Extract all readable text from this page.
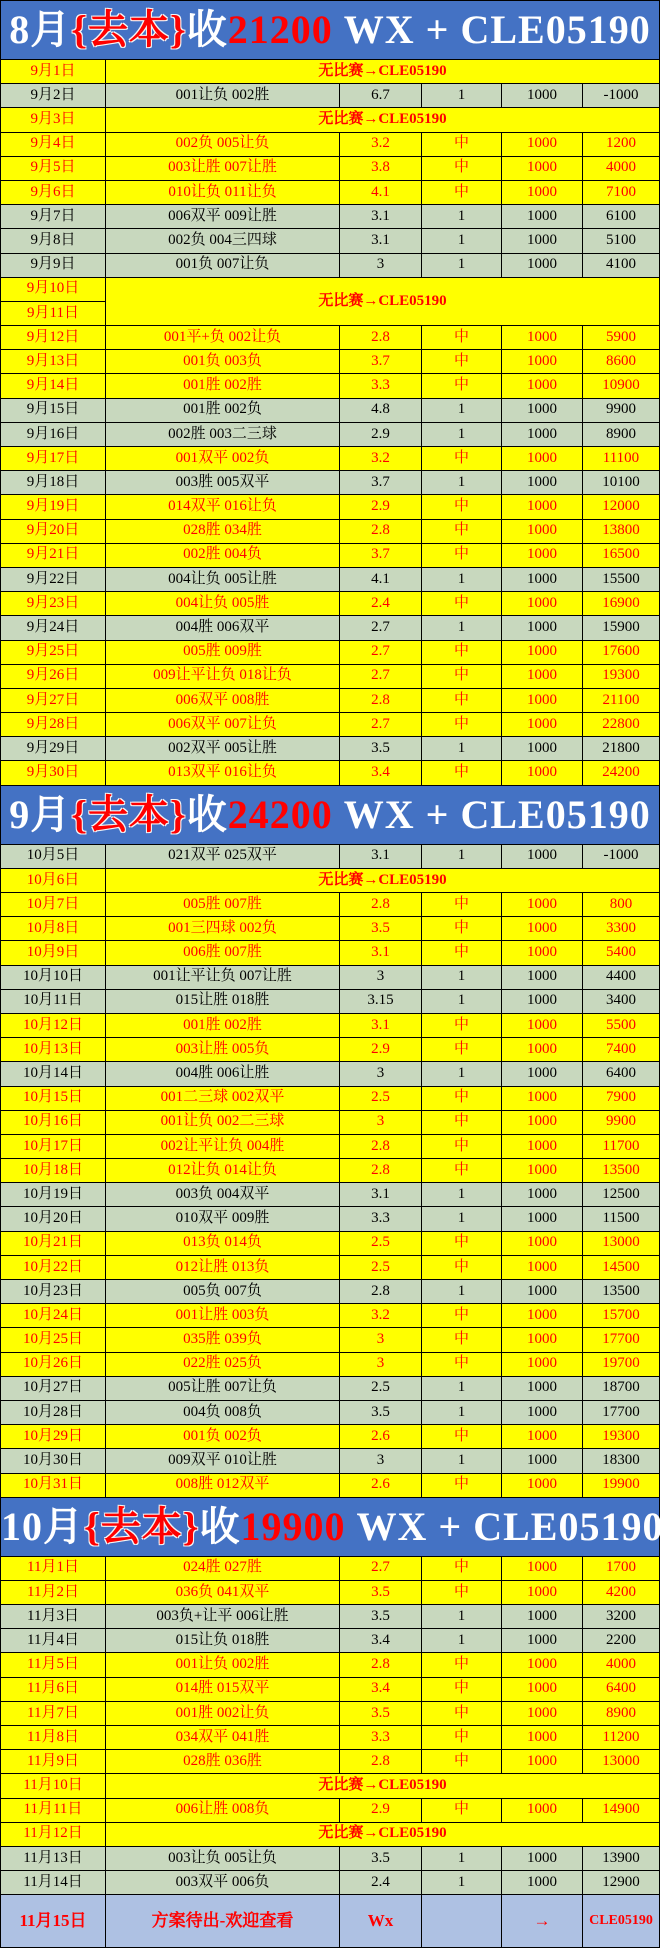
8月{去本}收21200 WX + CLE05190					
9月1日	无比赛→CLE05190				
9月2日	001让负 002胜	6.7	1	1000	-1000
9月3日	无比赛→CLE05190				
9月4日	002负 005让负	3.2	中	1000	1200
9月5日	003让胜 007让胜	3.8	中	1000	4000
9月6日	010让负 011让负	4.1	中	1000	7100
9月7日	006双平 009让胜	3.1	1	1000	6100
9月8日	002负 004三四球	3.1	1	1000	5100
9月9日	001负 007让负	3	1	1000	4100
9月10日	无比赛→CLE05190				
9月11日					
9月12日	001平+负 002让负	2.8	中	1000	5900
9月13日	001负 003负	3.7	中	1000	8600
9月14日	001胜 002胜	3.3	中	1000	10900
9月15日	001胜 002负	4.8	1	1000	9900
9月16日	002胜 003二三球	2.9	1	1000	8900
9月17日	001双平 002负	3.2	中	1000	11100
9月18日	003胜 005双平	3.7	1	1000	10100
9月19日	014双平 016让负	2.9	中	1000	12000
9月20日	028胜 034胜	2.8	中	1000	13800
9月21日	002胜 004负	3.7	中	1000	16500
9月22日	004让负 005让胜	4.1	1	1000	15500
9月23日	004让负 005胜	2.4	中	1000	16900
9月24日	004胜 006双平	2.7	1	1000	15900
9月25日	005胜 009胜	2.7	中	1000	17600
9月26日	009让平让负 018让负	2.7	中	1000	19300
9月27日	006双平 008胜	2.8	中	1000	21100
9月28日	006双平 007让负	2.7	中	1000	22800
9月29日	002双平 005让胜	3.5	1	1000	21800
9月30日	013双平 016让负	3.4	中	1000	24200
9月{去本}收24200 WX + CLE05190					
10月5日	021双平 025双平	3.1	1	1000	-1000
10月6日	无比赛→CLE05190				
10月7日	005胜 007胜	2.8	中	1000	800
10月8日	001三四球 002负	3.5	中	1000	3300
10月9日	006胜 007胜	3.1	中	1000	5400
10月10日	001让平让负 007让胜	3	1	1000	4400
10月11日	015让胜 018胜	3.15	1	1000	3400
10月12日	001胜 002胜	3.1	中	1000	5500
10月13日	003让胜 005负	2.9	中	1000	7400
10月14日	004胜 006让胜	3	1	1000	6400
10月15日	001二三球 002双平	2.5	中	1000	7900
10月16日	001让负 002二三球	3	中	1000	9900
10月17日	002让平让负 004胜	2.8	中	1000	11700
10月18日	012让负 014让负	2.8	中	1000	13500
10月19日	003负 004双平	3.1	1	1000	12500
10月20日	010双平 009胜	3.3	1	1000	11500
10月21日	013负 014负	2.5	中	1000	13000
10月22日	012让胜 013负	2.5	中	1000	14500
10月23日	005负 007负	2.8	1	1000	13500
10月24日	001让胜 003负	3.2	中	1000	15700
10月25日	035胜 039负	3	中	1000	17700
10月26日	022胜 025负	3	中	1000	19700
10月27日	005让胜 007让负	2.5	1	1000	18700
10月28日	004负 008负	3.5	1	1000	17700
10月29日	001负 002负	2.6	中	1000	19300
10月30日	009双平 010让胜	3	1	1000	18300
10月31日	008胜 012双平	2.6	中	1000	19900
10月{去本}收19900 WX + CLE05190					
11月1日	024胜 027胜	2.7	中	1000	1700
11月2日	036负 041双平	3.5	中	1000	4200
11月3日	003负+让平 006让胜	3.5	1	1000	3200
11月4日	015让负 018胜	3.4	1	1000	2200
11月5日	001让负 002胜	2.8	中	1000	4000
11月6日	014胜 015双平	3.4	中	1000	6400
11月7日	001胜 002让负	3.5	中	1000	8900
11月8日	034双平 041胜	3.3	中	1000	11200
11月9日	028胜 036胜	2.8	中	1000	13000
11月10日	无比赛→CLE05190				
11月11日	006让胜 008负	2.9	中	1000	14900
11月12日	无比赛→CLE05190				
11月13日	003让负 005让负	3.5	1	1000	13900
11月14日	003双平 006负	2.4	1	1000	12900
11月15日	方案待出-欢迎查看	Wx		→	CLE05190
